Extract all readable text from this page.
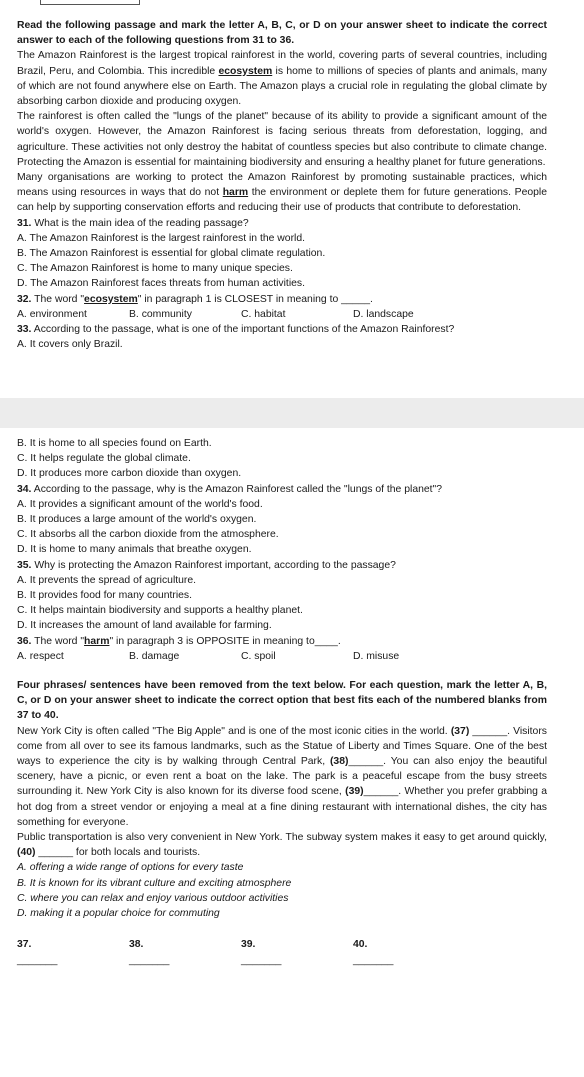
Read the following passage and mark the letter A, B, C, or D on your answer sheet to indicate the correct answer to each of the following questions from 31 to 36.

The Amazon Rainforest is the largest tropical rainforest in the world, covering parts of several countries, including Brazil, Peru, and Colombia. This incredible ecosystem is home to millions of species of plants and animals, many of which are not found anywhere else on Earth. The Amazon plays a crucial role in regulating the global climate by absorbing carbon dioxide and producing oxygen.

The rainforest is often called the "lungs of the planet" because of its ability to provide a significant amount of the world's oxygen. However, the Amazon Rainforest is facing serious threats from deforestation, logging, and agriculture. These activities not only destroy the habitat of countless species but also contribute to climate change. Protecting the Amazon is essential for maintaining biodiversity and ensuring a healthy planet for future generations.

Many organisations are working to protect the Amazon Rainforest by promoting sustainable practices, which means using resources in ways that do not harm the environment or deplete them for future generations. People can help by supporting conservation efforts and reducing their use of products that contribute to deforestation.

31. What is the main idea of the reading passage?

A. The Amazon Rainforest is the largest rainforest in the world.

B. The Amazon Rainforest is essential for global climate regulation.

C. The Amazon Rainforest is home to many unique species.

D. The Amazon Rainforest faces threats from human activities.

32. The word "ecosystem" in paragraph 1 is CLOSEST in meaning to _____.

A. environment	B. community	C. habitat	D. landscape

33. According to the passage, what is one of the important functions of the Amazon Rainforest?

A. It covers only Brazil.

B. It is home to all species found on Earth.

C. It helps regulate the global climate.

D. It produces more carbon dioxide than oxygen.

34. According to the passage, why is the Amazon Rainforest called the "lungs of the planet"?

A. It provides a significant amount of the world's food.

B. It produces a large amount of the world's oxygen.

C. It absorbs all the carbon dioxide from the atmosphere.

D. It is home to many animals that breathe oxygen.

35. Why is protecting the Amazon Rainforest important, according to the passage?

A. It prevents the spread of agriculture.

B. It provides food for many countries.

C. It helps maintain biodiversity and supports a healthy planet.

D. It increases the amount of land available for farming.

36. The word "harm" in paragraph 3 is OPPOSITE in meaning to____.

A. respect	B. damage	C. spoil	D. misuse

Four phrases/ sentences have been removed from the text below. For each question, mark the letter A, B, C, or D on your answer sheet to indicate the correct option that best fits each of the numbered blanks from 37 to 40.

New York City is often called "The Big Apple" and is one of the most iconic cities in the world. (37) ______. Visitors come from all over to see its famous landmarks, such as the Statue of Liberty and Times Square. One of the best ways to experience the city is by walking through Central Park, (38)______. You can also enjoy the beautiful scenery, have a picnic, or even rent a boat on the lake. The park is a peaceful escape from the busy streets surrounding it. New York City is also known for its diverse food scene, (39)______. Whether you prefer grabbing a hot dog from a street vendor or enjoying a meal at a fine dining restaurant with international dishes, the city has something for everyone.

Public transportation is also very convenient in New York. The subway system makes it easy to get around quickly, (40) ______ for both locals and tourists.

A. offering a wide range of options for every taste

B. It is known for its vibrant culture and exciting atmosphere

C. where you can relax and enjoy various outdoor activities

D. making it a popular choice for commuting

37._______
38._______
39._______
40._______
